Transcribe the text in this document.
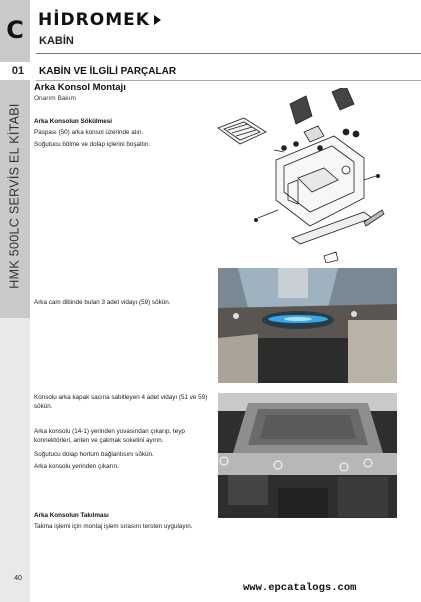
C
01
HMK 500LC SERVİS EL KİTABI
40
HİDROMEK
KABİN
KABİN VE İLGİLİ PARÇALAR
Arka Konsol Montajı
Onarım Bakım
Arka Konsolun Sökülmesi
Paspası (50) arka konsol üzerinde alın.
Soğutucu bölme ve dolap içlerini boşaltın.
Arka cam dibinde bulan 3 adet vidayı (59) sökün.
Konsolu arka kapak sacına sabitleyen 4 adet vidayı (51 ve 59) sökün.
Arka konsolu (14-1) yerinden yuvasından çıkarıp, teyp konnektörleri, anten ve çakmak soketini ayırın.
Soğutucu dolap hortum bağlantısını sökün.
Arka konsolu yerinden çıkarın.
Arka Konsolun Takılması
Takma işlemi için montaj işlem sırasını tersten uygulayın.
www.epcatalogs.com
